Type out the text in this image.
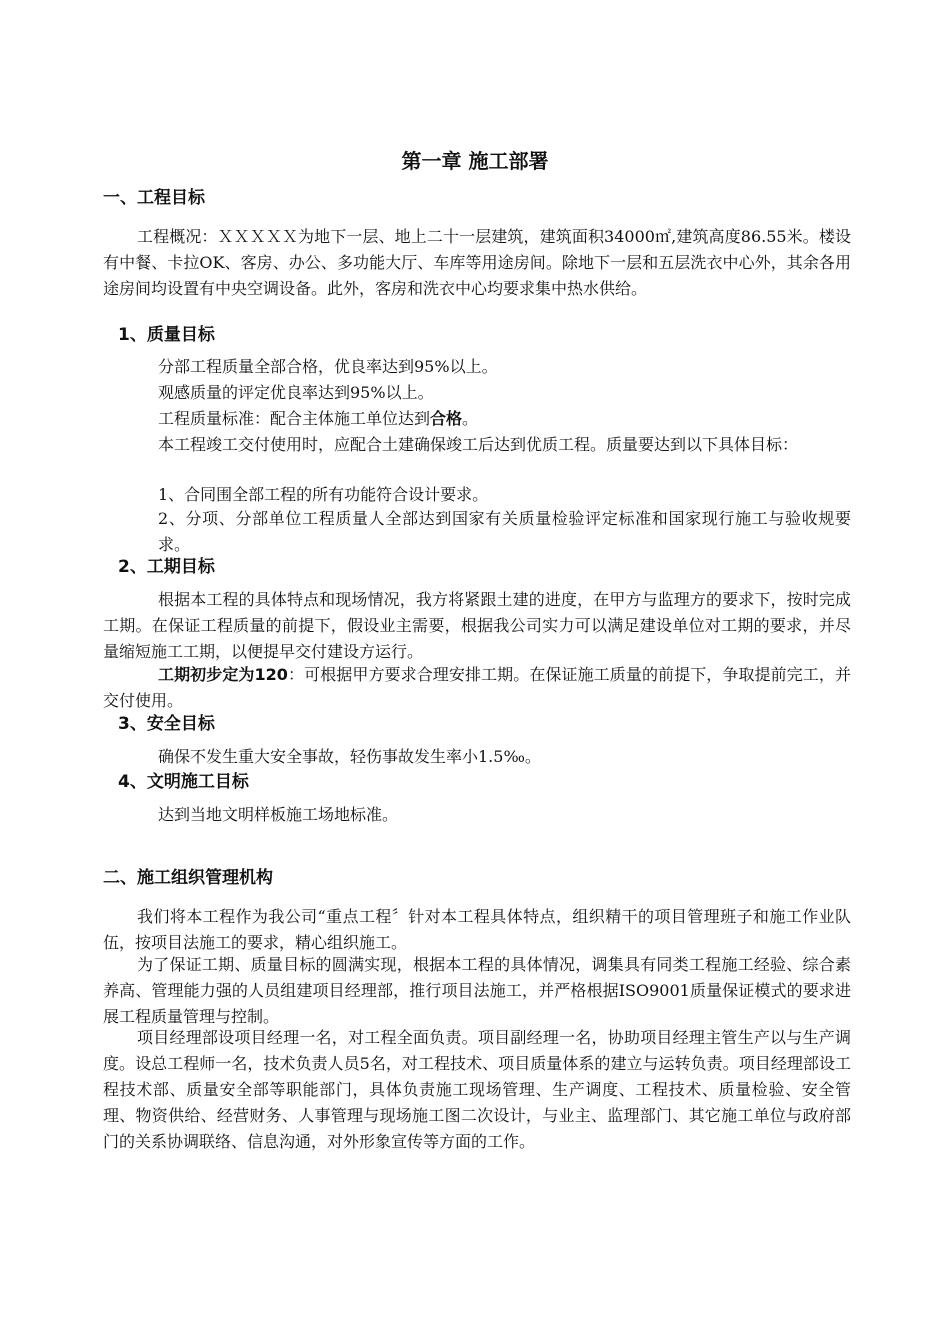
第一章 施工部署
一、工程目标

工程概况：ＸＸＸＸＸ为地下一层、地上二十一层建筑，建筑面积34000㎡,建筑高度86.55米。楼设有中餐、卡拉OK、客房、办公、多功能大厅、车库等用途房间。除地下一层和五层洗衣中心外，其余各用途房间均设置有中央空调设备。此外，客房和洗衣中心均要求集中热水供给。

1、质量目标

分部工程质量全部合格，优良率达到95%以上。

观感质量的评定优良率达到95%以上。

工程质量标准：配合主体施工单位达到合格。

本工程竣工交付使用时，应配合土建确保竣工后达到优质工程。质量要达到以下具体目标：

1、合同围全部工程的所有功能符合设计要求。

2、分项、分部单位工程质量人全部达到国家有关质量检验评定标准和国家现行施工与验收规要求。

2、工期目标

根据本工程的具体特点和现场情况，我方将紧跟土建的进度，在甲方与监理方的要求下，按时完成工期。在保证工程质量的前提下，假设业主需要，根据我公司实力可以满足建设单位对工期的要求，并尽量缩短施工工期，以便提早交付建设方运行。

工期初步定为120：可根据甲方要求合理安排工期。在保证施工质量的前提下，争取提前完工，并交付使用。

3、安全目标

确保不发生重大安全事故，轻伤事故发生率小1.5‰。

4、文明施工目标

达到当地文明样板施工场地标准。

二、施工组织管理机构

我们将本工程作为我公司“重点工程〞针对本工程具体特点，组织精干的项目管理班子和施工作业队伍，按项目法施工的要求，精心组织施工。

为了保证工期、质量目标的圆满实现，根据本工程的具体情况，调集具有同类工程施工经验、综合素养高、管理能力强的人员组建项目经理部，推行项目法施工，并严格根据ISO9001质量保证模式的要求进展工程质量管理与控制。

项目经理部设项目经理一名，对工程全面负责。项目副经理一名，协助项目经理主管生产以与生产调度。设总工程师一名，技术负责人员5名，对工程技术、项目质量体系的建立与运转负责。项目经理部设工程技术部、质量安全部等职能部门，具体负责施工现场管理、生产调度、工程技术、质量检验、安全管理、物资供给、经营财务、人事管理与现场施工图二次设计，与业主、监理部门、其它施工单位与政府部门的关系协调联络、信息沟通，对外形象宣传等方面的工作。
